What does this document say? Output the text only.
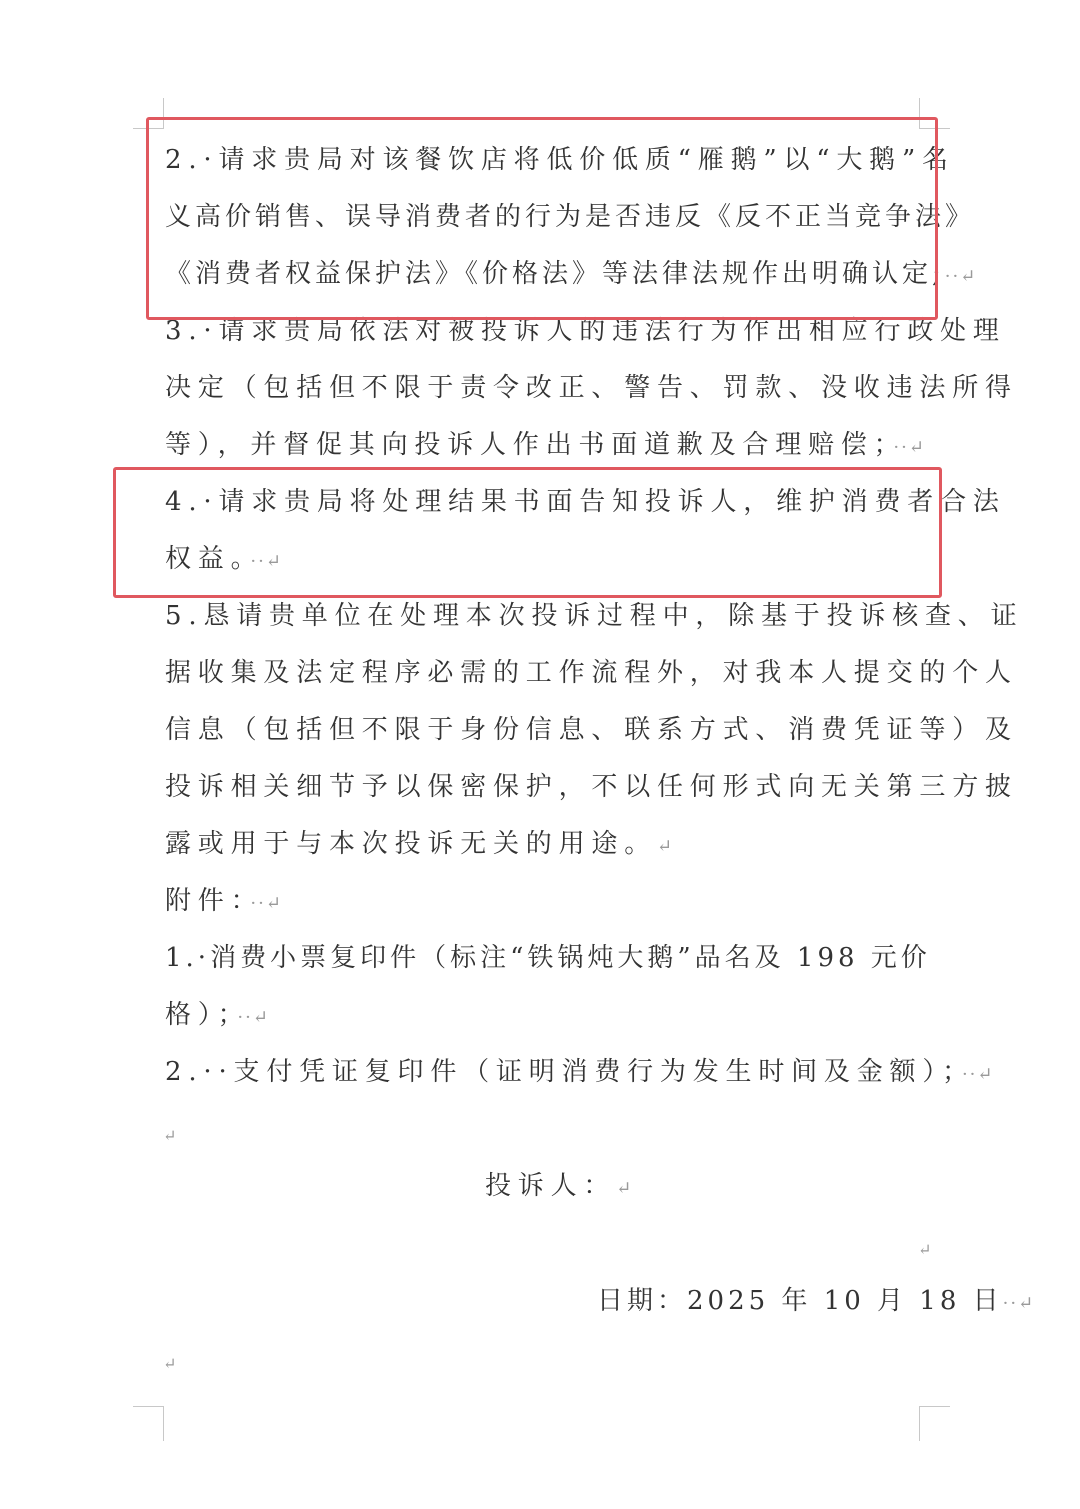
2.·请求贵局对该餐饮店将低价低质“雁鹅”以“大鹅”名
义高价销售、误导消费者的行为是否违反《反不正当竞争法》
《消费者权益保护法》《价格法》等法律法规作出明确认定;··↵
3.·请求贵局依法对被投诉人的违法行为作出相应行政处理
决定（包括但不限于责令改正、警告、罚款、没收违法所得
等），并督促其向投诉人作出书面道歉及合理赔偿；··↵
4.·请求贵局将处理结果书面告知投诉人，维护消费者合法
权益。··↵
5.恳请贵单位在处理本次投诉过程中，除基于投诉核查、证
据收集及法定程序必需的工作流程外，对我本人提交的个人
信息（包括但不限于身份信息、联系方式、消费凭证等）及
投诉相关细节予以保密保护，不以任何形式向无关第三方披
露或用于与本次投诉无关的用途。↵
附件：··↵
1.·消费小票复印件（标注“铁锅炖大鹅”品名及 198 元价
格）；··↵
2.··支付凭证复印件（证明消费行为发生时间及金额）；··↵
↵
↵
↵
投诉人：↵
日期：2025 年 10 月 18 日··↵
